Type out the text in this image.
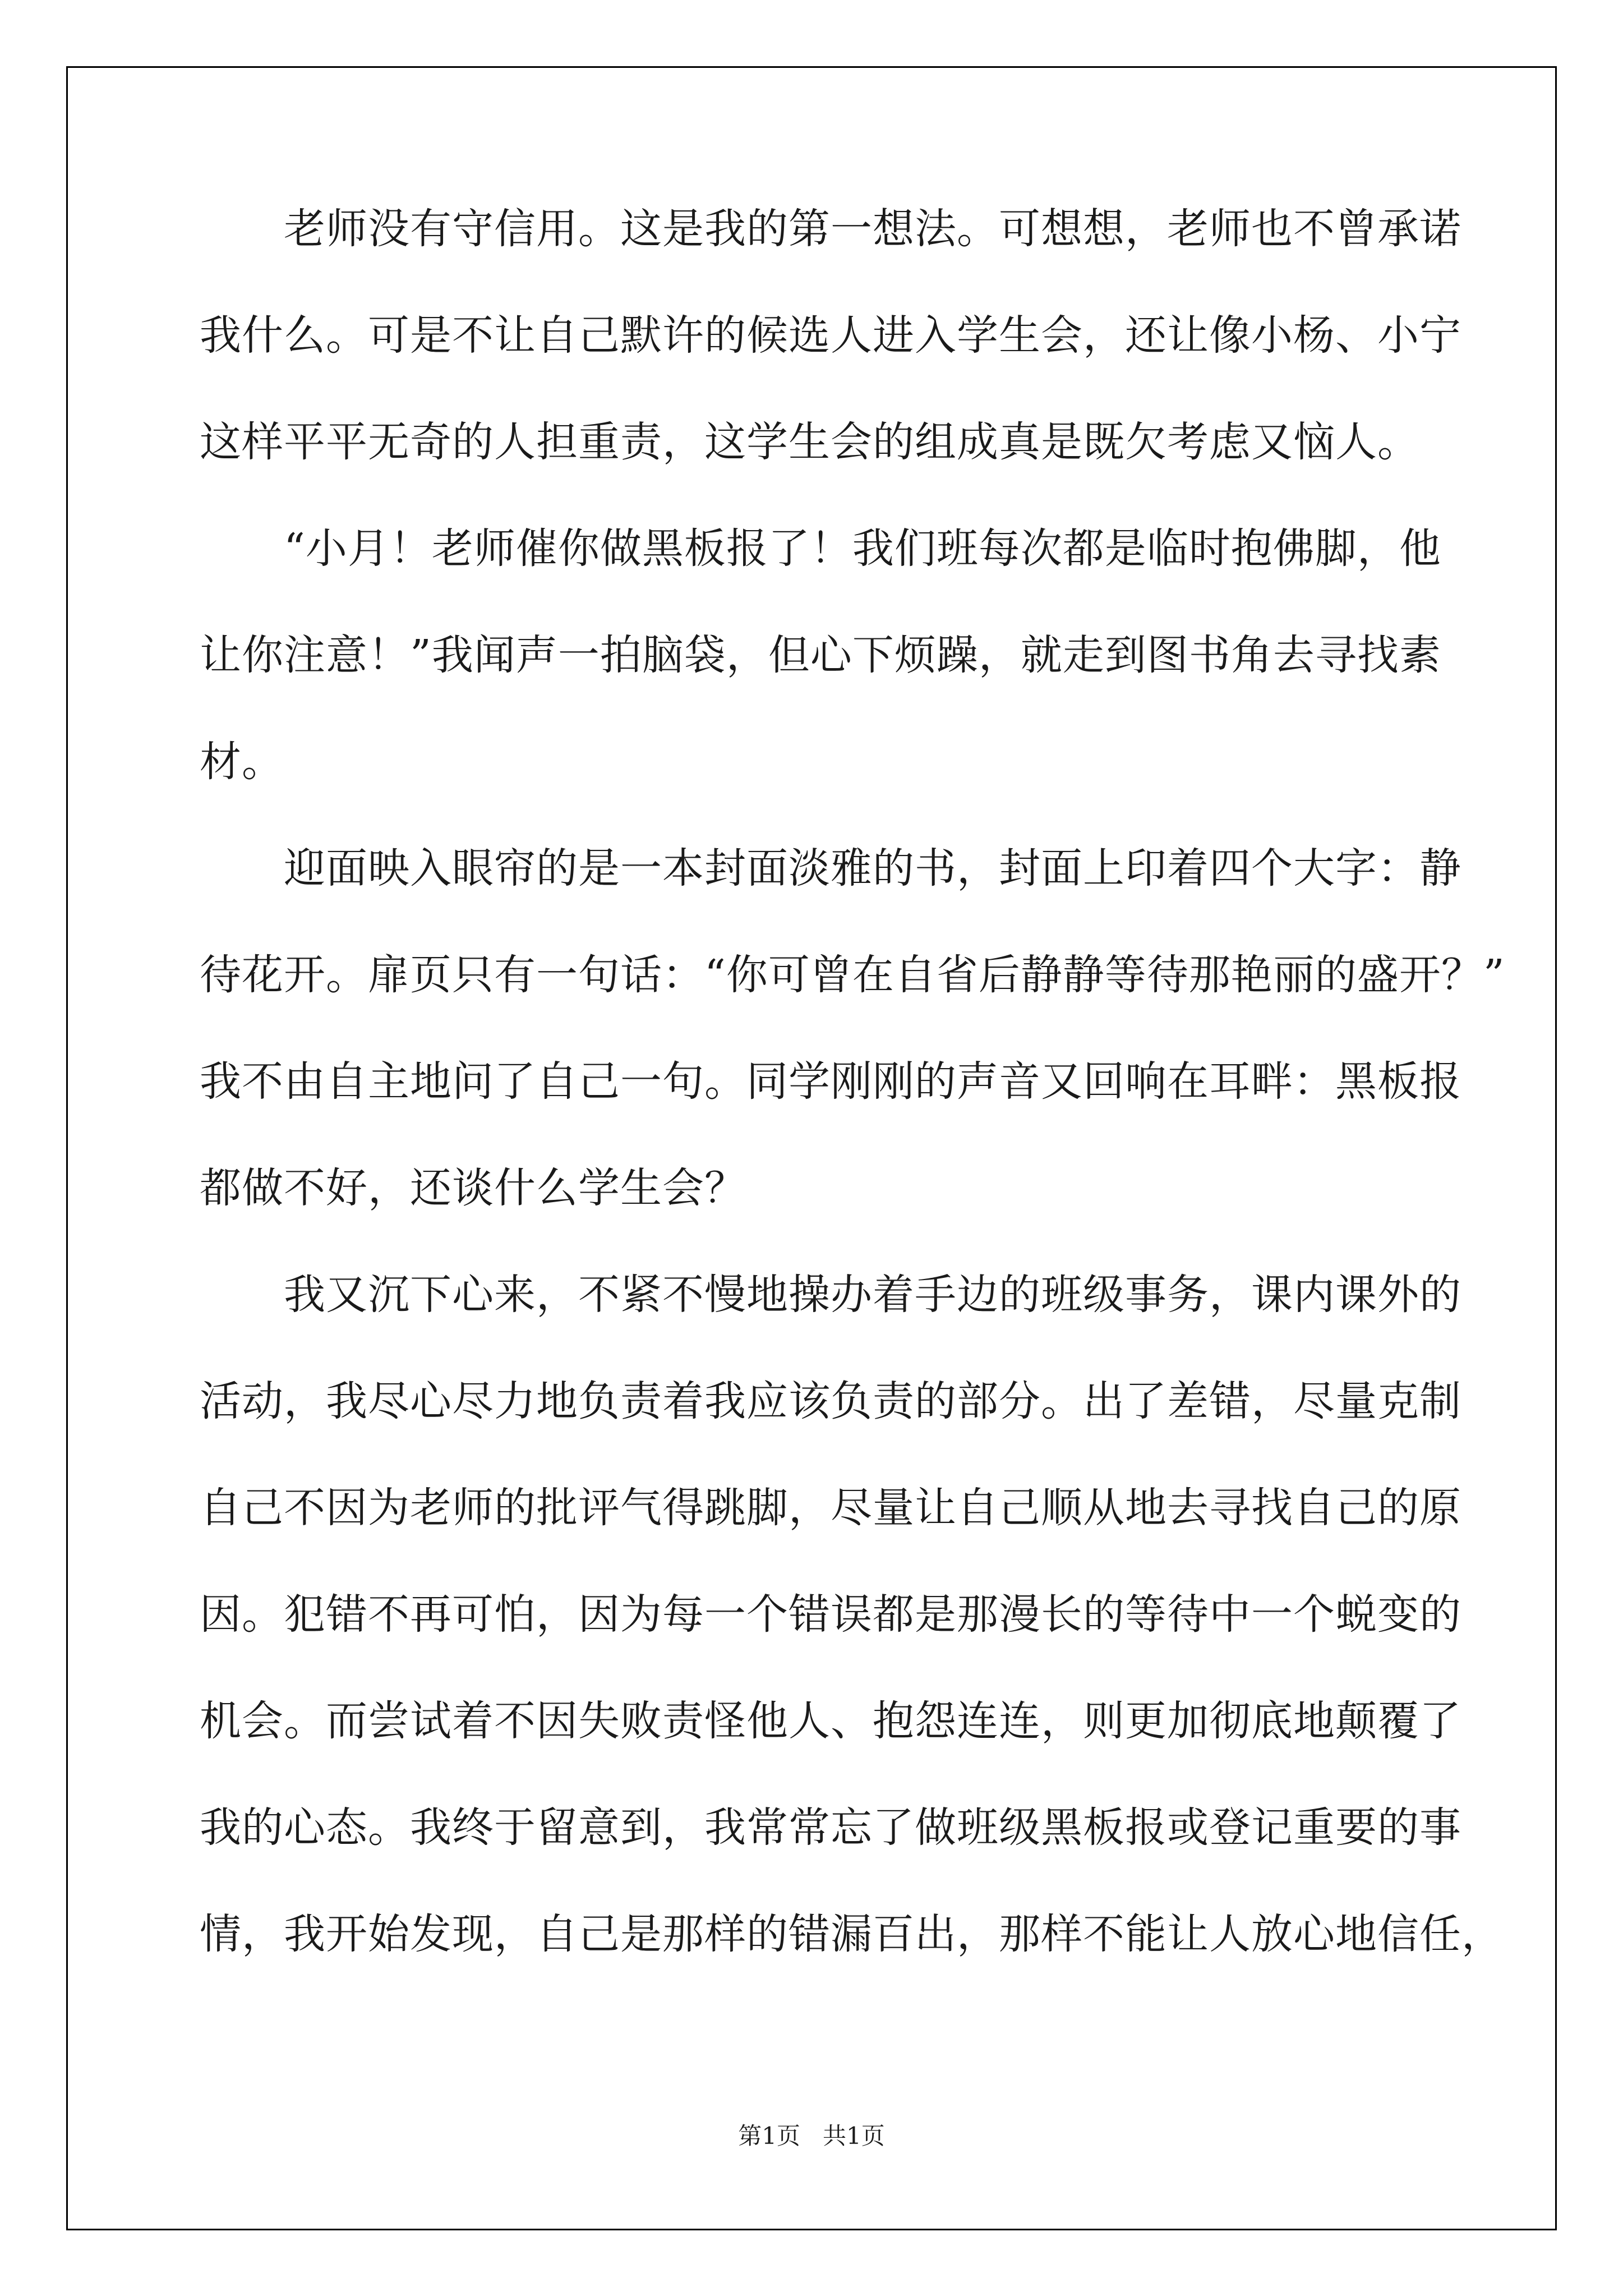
　　老师没有守信用。这是我的第一想法。可想想，老师也不曾承诺
我什么。可是不让自己默许的候选人进入学生会，还让像小杨、小宁
这样平平无奇的人担重责，这学生会的组成真是既欠考虑又恼人。
　　“小月！老师催你做黑板报了！我们班每次都是临时抱佛脚，他
让你注意！”我闻声一拍脑袋，但心下烦躁，就走到图书角去寻找素
材。
　　迎面映入眼帘的是一本封面淡雅的书，封面上印着四个大字：静
待花开。扉页只有一句话：“你可曾在自省后静静等待那艳丽的盛开？”
我不由自主地问了自己一句。同学刚刚的声音又回响在耳畔：黑板报
都做不好，还谈什么学生会？
　　我又沉下心来，不紧不慢地操办着手边的班级事务，课内课外的
活动，我尽心尽力地负责着我应该负责的部分。出了差错，尽量克制
自己不因为老师的批评气得跳脚，尽量让自己顺从地去寻找自己的原
因。犯错不再可怕，因为每一个错误都是那漫长的等待中一个蜕变的
机会。而尝试着不因失败责怪他人、抱怨连连，则更加彻底地颠覆了
我的心态。我终于留意到，我常常忘了做班级黑板报或登记重要的事
情，我开始发现，自己是那样的错漏百出，那样不能让人放心地信任，
第1页   共1页
